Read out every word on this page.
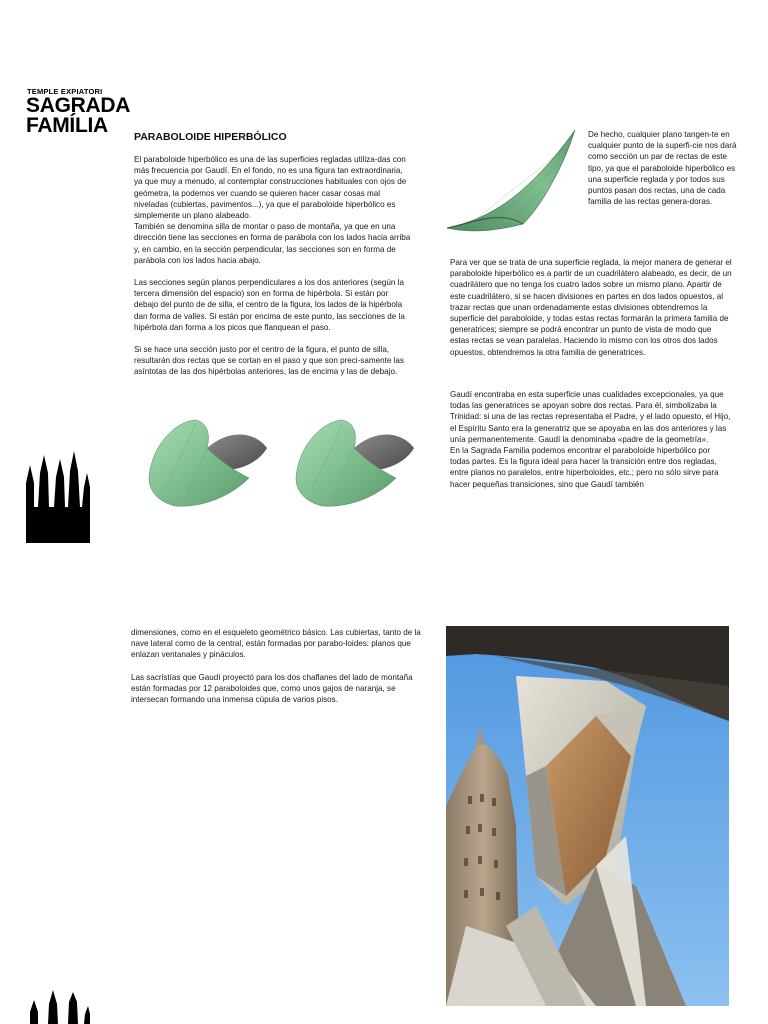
TEMPLE EXPIATORI
SAGRADA
FAMÍLIA	PARABOLOIDE HIPERBÓLICO

El paraboloide hiperbólico es una de las superficies regladas utiliza-das con más frecuencia por Gaudí. En el fondo, no es una figura tan extraordinaria, ya que muy a menudo, al contemplar construcciones habituales con ojos de geómetra, la podemos ver cuando se quieren hacer casar cosas mal niveladas (cubiertas, pavimentos...), ya que el paraboloide hiperbólico es simplemente un plano alabeado.

También se denomina silla de montar o paso de montaña, ya que en una dirección tiene las secciones en forma de parábola con los lados hacia arriba y, en cambio, en la sección perpendicular, las secciones son en forma de parábola con los lados hacia abajo.

Las secciones según planos perpendiculares a los dos anteriores (según la tercera dimensión del espacio) son en forma de hipérbola. Si están por debajo del punto de de silla, el centro de la figura, los lados de la hipérbola dan forma de valles. Si están por encima de este punto, las secciones de la hipérbola dan forma a los picos que flanquean el paso.

Si se hace una sección justo por el centro de la figura, el punto de silla, resultarán dos rectas que se cortan en el paso y que son preci-samente las asíntotas de las dos hipérbolas anteriores, las de encima y las de debajo.

De hecho, cualquier plano tangen-te en cualquier punto de la superfi-cie nos dará como sección un par de rectas de este tipo, ya que el paraboloide hiperbólico es una superficie reglada y por todos sus puntos pasan dos rectas, una de cada familia de las rectas genera-doras.
Para ver que se trata de una superficie reglada, la mejor manera de generar el paraboloide hiperbólico es a partir de un cuadrilátero alabeado, es decir, de un cuadrilátero que no tenga los cuatro lados sobre un mismo plano. Apartir de este cuadrilátero, si se hacen divisiones en partes en dos lados opuestos, al trazar rectas que unan ordenadamente estas divisiones obtendremos la superficie del paraboloide, y todas estas rectas formarán la primera familia de generatrices; siempre se podrá encontrar un punto de vista de modo que estas rectas se vean paralelas. Haciendo lo mismo con los otros dos lados opuestos, obtendremos la otra familia de generatrices.

Gaudí encontraba en esta superficie unas cualidades excepcionales, ya que todas las generatrices se apoyan sobre dos rectas. Para él, simbolizaba la Trinidad: si una de las rectas representaba el Padre, y el lado opuesto, el Hijo, el Espíritu Santo era la generatriz que se apoyaba en las dos anteriores y las unía permanentemente. Gaudí la denominaba «padre de la geometría».

En la Sagrada Familia podemos encontrar el paraboloide hiperbólico por todas partes. Es la figura ideal para hacer la transición entre dos regladas, entre planos no paralelos, entre hiperboloides, etc.; pero no sólo sirve para hacer pequeñas transiciones, sino que Gaudí también

dimensiones, como en el esqueleto geométrico básico. Las cubiertas, tanto de la nave lateral como de la central, están formadas por parabo-loides: planos que enlazan ventanales y pináculos.

Las sacristías que Gaudí proyectó para los dos chaflanes del lado de montaña están formadas por 12 paraboloides que, como unos gajos de naranja, se intersecan formando una inmensa cúpula de varios pisos.
